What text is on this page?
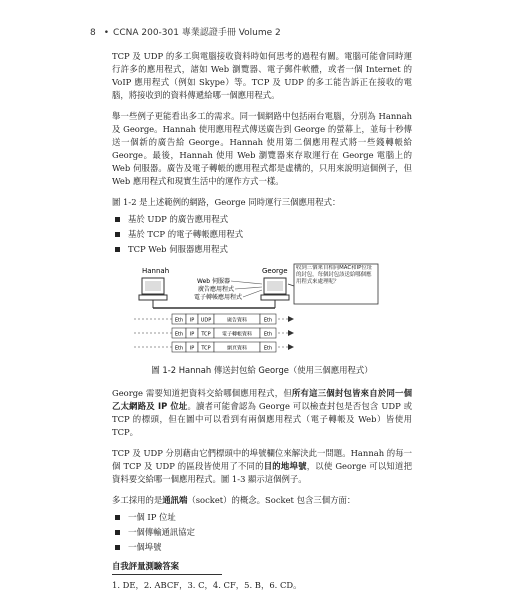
8 • CCNA 200-301 專業認證手冊 Volume 2

TCP 及 UDP 的多工與電腦接收資料時如何思考的過程有關。電腦可能會同時運行許多的應用程式，諸如 Web 瀏覽器、電子郵件軟體，或者一個 Internet 的 VoIP 應用程式（例如 Skype）等。TCP 及 UDP 的多工能告訴正在接收的電腦，將接收到的資料傳遞給哪一個應用程式。

舉一些例子更能看出多工的需求。同一個網路中包括兩台電腦，分別為 Hannah 及 George。Hannah 使用應用程式傳送廣告到 George 的螢幕上，並每十秒傳送一個新的廣告給 George。Hannah 使用第二個應用程式將一些錢轉帳給 George。最後，Hannah 使用 Web 瀏覽器來存取運行在 George 電腦上的 Web 伺服器。廣告及電子轉帳的應用程式都是虛構的，只用來說明這個例子，但 Web 應用程式和現實生活中的運作方式一樣。

圖 1-2 是上述範例的網路，George 同時運行三個應用程式：

基於 UDP 的廣告應用程式
基於 TCP 的電子轉帳應用程式
TCP Web 伺服器應用程式
Hannah	George
Web 伺服器
廣告應用程式
電子轉帳應用程式
收到三個來自相同MAC和IP位址的封包，每個封包該送給哪個應用程式來處理呢？
Eth IP UDP	廣告資料	Eth
Eth IP TCP 電子轉帳資料 Eth
Eth IP TCP	網頁資料	Eth
圖 1-2 Hannah 傳送封包給 George（使用三個應用程式）

George 需要知道把資料交給哪個應用程式，但所有這三個封包皆來自於同一個乙太網路及 IP 位址。讀者可能會認為 George 可以檢查封包是否包含 UDP 或 TCP 的標頭，但在圖中可以看到有兩個應用程式（電子轉帳及 Web）皆使用 TCP。

TCP 及 UDP 分別藉由它們標頭中的埠號欄位來解決此一問題。Hannah 的每一個 TCP 及 UDP 的區段皆使用了不同的目的地埠號，以使 George 可以知道把資料要交給哪一個應用程式。圖 1-3 顯示這個例子。

多工採用的是通訊端（socket）的概念。Socket 包含三個方面：

一個 IP 位址
一個傳輸通訊協定
一個埠號
自我評量測驗答案
1. DE，2. ABCF，3. C，4. CF，5. B，6. CD。
